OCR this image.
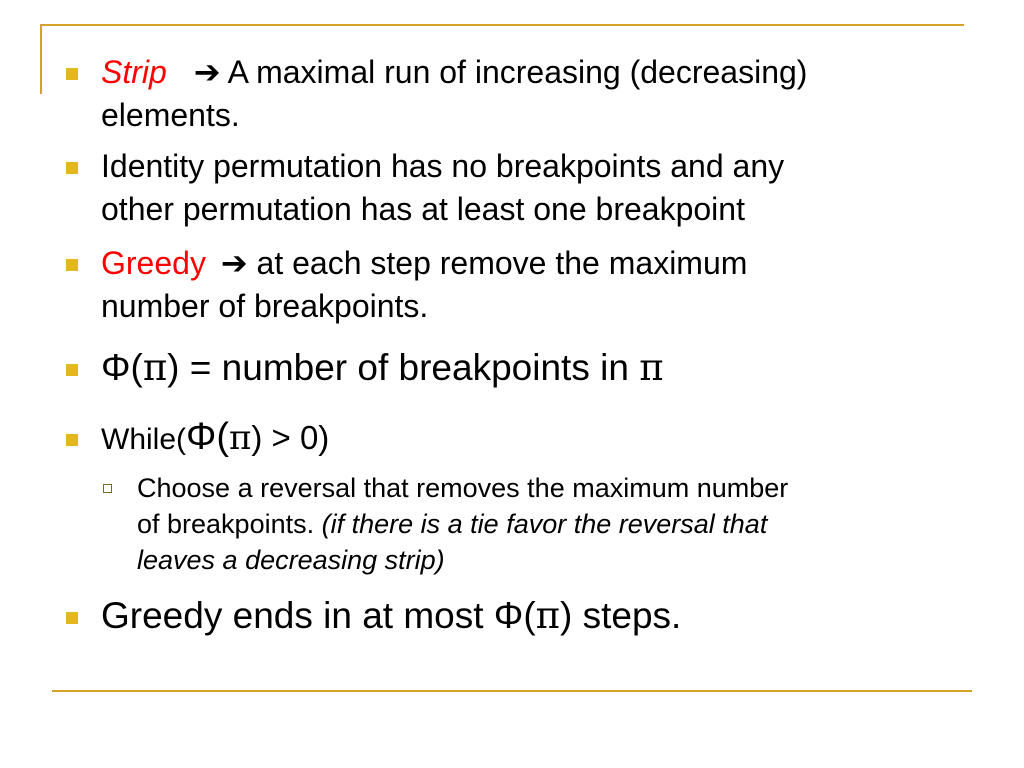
Strip ➔ A maximal run of increasing (decreasing)
elements.
Identity permutation has no breakpoints and any
other permutation has at least one breakpoint
Greedy ➔ at each step remove the maximum
number of breakpoints.
Φ(π) = number of breakpoints in π
While(Φ(π) > 0)
Choose a reversal that removes the maximum number
of breakpoints. (if there is a tie favor the reversal that
leaves a decreasing strip)
Greedy ends in at most Φ(π) steps.
